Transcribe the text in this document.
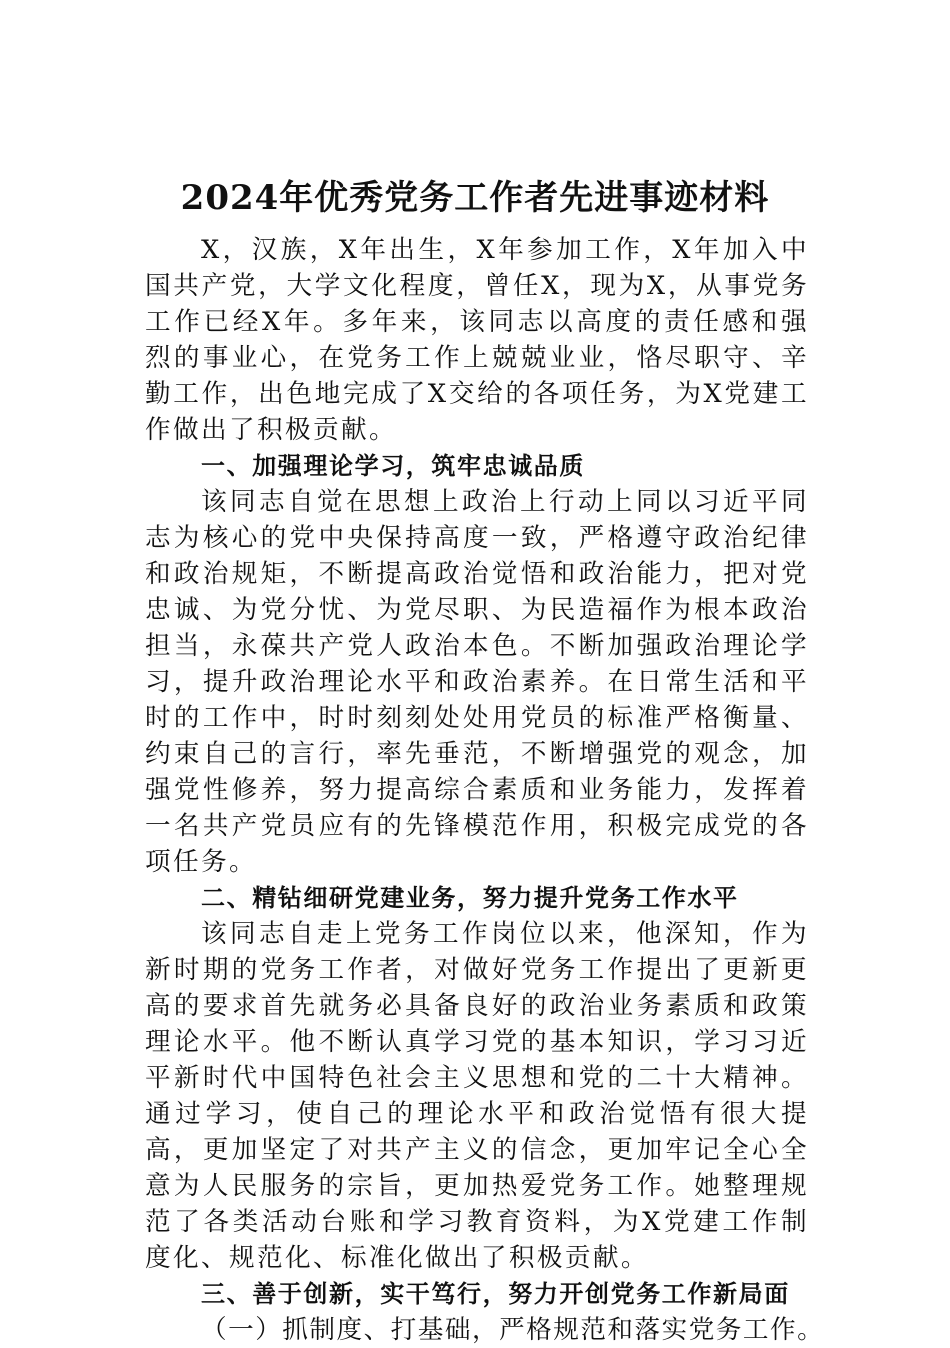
2024年优秀党务工作者先进事迹材料

X，汉族，X年出生，X年参加工作，X年加入中国共产党，大学文化程度，曾任X，现为X，从事党务工作已经X年。多年来，该同志以高度的责任感和强烈的事业心，在党务工作上兢兢业业，恪尽职守、辛勤工作，出色地完成了X交给的各项任务，为X党建工作做出了积极贡献。

一、加强理论学习，筑牢忠诚品质

该同志自觉在思想上政治上行动上同以习近平同志为核心的党中央保持高度一致，严格遵守政治纪律和政治规矩，不断提高政治觉悟和政治能力，把对党忠诚、为党分忧、为党尽职、为民造福作为根本政治担当，永葆共产党人政治本色。不断加强政治理论学习，提升政治理论水平和政治素养。在日常生活和平时的工作中，时时刻刻处处用党员的标准严格衡量、约束自己的言行，率先垂范，不断增强党的观念，加强党性修养，努力提高综合素质和业务能力，发挥着一名共产党员应有的先锋模范作用，积极完成党的各项任务。

二、精钻细研党建业务，努力提升党务工作水平

该同志自走上党务工作岗位以来，他深知，作为新时期的党务工作者，对做好党务工作提出了更新更高的要求首先就务必具备良好的政治业务素质和政策理论水平。他不断认真学习党的基本知识，学习习近平新时代中国特色社会主义思想和党的二十大精神。通过学习，使自己的理论水平和政治觉悟有很大提高，更加坚定了对共产主义的信念，更加牢记全心全意为人民服务的宗旨，更加热爱党务工作。她整理规范了各类活动台账和学习教育资料，为X党建工作制度化、规范化、标准化做出了积极贡献。

三、善于创新，实干笃行，努力开创党务工作新局面

（一）抓制度、打基础，严格规范和落实党务工作。
